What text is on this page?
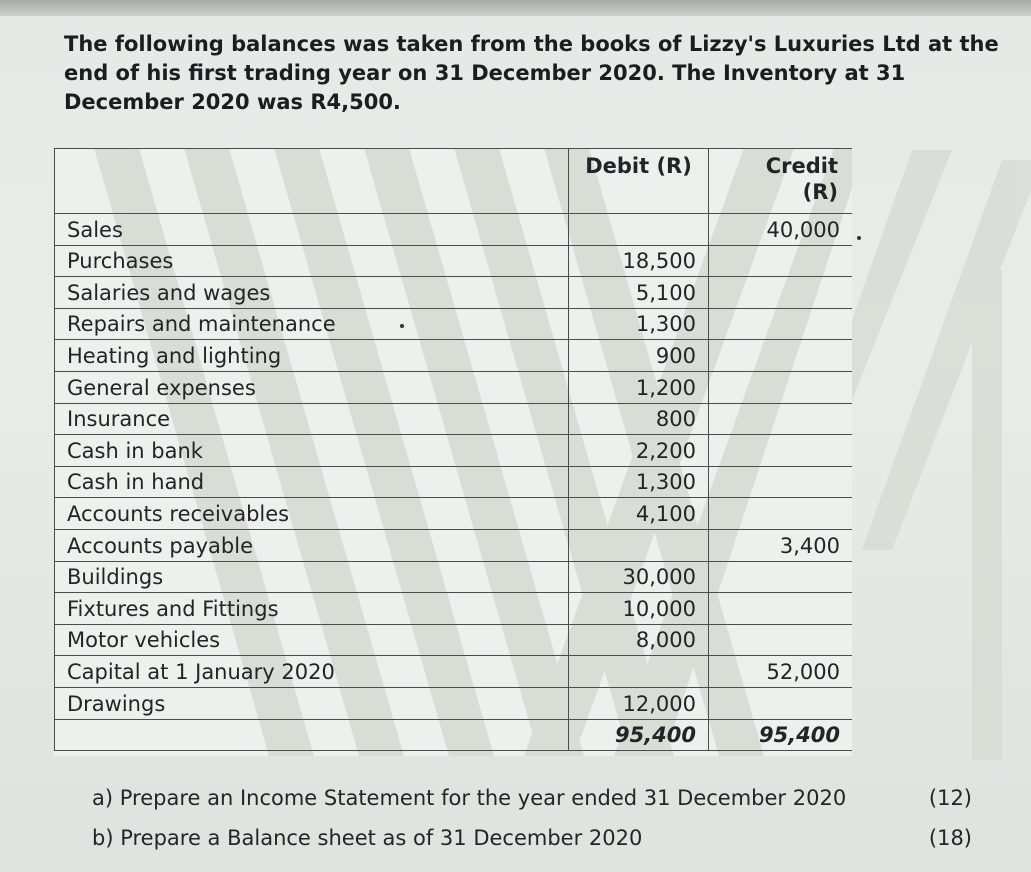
The following balances was taken from the books of Lizzy's Luxuries Ltd at the
end of his first trading year on 31 December 2020. The Inventory at 31
December 2020 was R4,500.
	Debit (R)	Credit
(R)

Sales		40,000
Purchases	18,500	
Salaries and wages	5,100	
Repairs and maintenance	1,300	
Heating and lighting	900	
General expenses	1,200	
Insurance	800	
Cash in bank	2,200	
Cash in hand	1,300	
Accounts receivables	4,100	
Accounts payable		3,400
Buildings	30,000	
Fixtures and Fittings	10,000	
Motor vehicles	8,000	
Capital at 1 January 2020		52,000
Drawings	12,000	
	95,400	95,400
a) Prepare an Income Statement for the year ended 31 December 2020	(12)
b) Prepare a Balance sheet as of 31 December 2020	(18)
